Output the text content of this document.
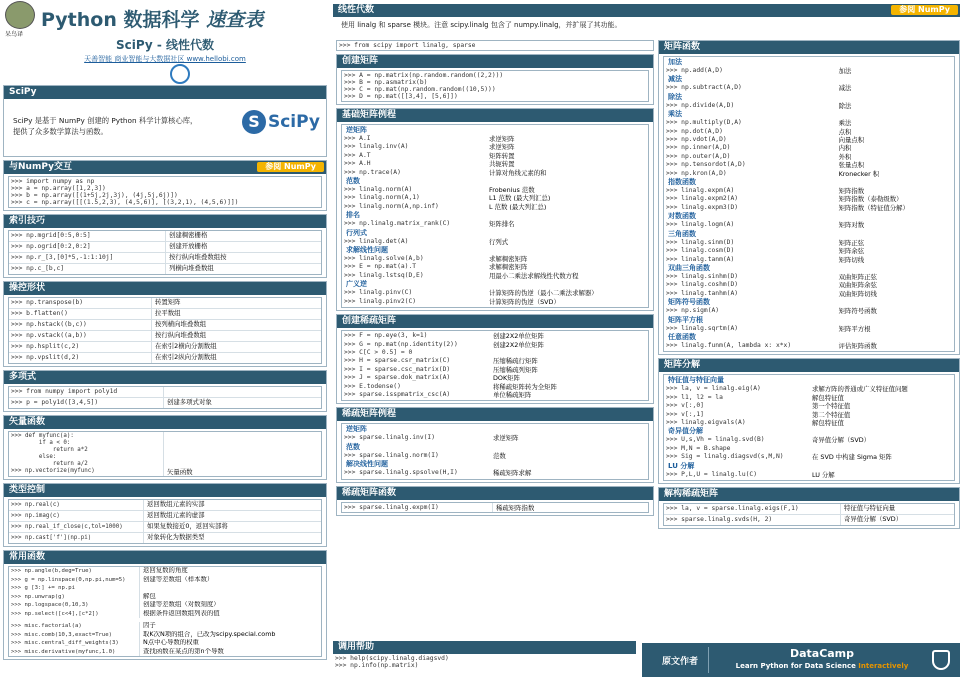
呆鸟译
Python 数据科学 速查表
SciPy - 线性代数
天善智能 商业智能与大数据社区 www.hellobi.com
SciPy
SciPy 是基于 NumPy 创建的 Python 科学计算核心库，
提供了众多数学算法与函数。
S SciPy
与NumPy交互	参阅 NumPy
>>> import numpy as np
>>> a = np.array([1,2,3])
>>> b = np.array([(1+5j,2j,3j), (4j,5j,6j)])
>>> c = np.array([[(1.5,2,3), (4,5,6)], [(3,2,1), (4,5,6)]])
索引技巧
>>> np.mgrid[0:5,0:5]	创建稠密栅格
>>> np.ogrid[0:2,0:2]	创建开放栅格
>>> np.r_[3,[0]*5,-1:1:10j]	按行纵向堆叠数组按
>>> np.c_[b,c]	列横向堆叠数组
操控形状
>>> np.transpose(b)	转置矩阵
>>> b.flatten()	拉平数组
>>> np.hstack((b,c))	按列横向堆叠数组
>>> np.vstack((a,b))	按行纵向堆叠数组
>>> np.hsplit(c,2)	在索引2横向分割数组
>>> np.vpslit(d,2)	在索引2纵向分割数组
多项式
>>> from numpy import poly1d
>>> p = poly1d([3,4,5])	创建多项式对象
矢量函数
>>> def myfunc(a):
if a < 0:
return a*2
else:
return a/2
>>> np.vectorize(myfunc)	矢量函数
类型控制
>>> np.real(c)	返回数组元素的实部
>>> np.imag(c)	返回数组元素的虚部
>>> np.real_if_close(c,tol=1000)	如果复数接近0，返回实部将
>>> np.cast['f'](np.pi)	对象转化为数据类型
常用函数
>>> np.angle(b,deg=True)	返回复数的角度
>>> g = np.linspace(0,np.pi,num=5)	创建等差数组（样本数）
>>> g [3:] += np.pi
>>> np.unwrap(g)	解包
>>> np.logspace(0,10,3)	创建等差数组（对数刻度）
>>> np.select([c<4],[c*2])	根据条件返回数组列表的值
>>> misc.factorial(a)	因子
>>> misc.comb(10,3,exact=True)	取K次N项的组合，已改为scipy.special.comb
>>> misc.central_diff_weights(3)	N点中心导数的权重
>>> misc.derivative(myfunc,1.0)	查找函数在某点的第n个导数
线性代数	参阅 NumPy
使用 linalg 和 sparse 模块。注意 scipy.linalg 包含了 numpy.linalg，并扩展了其功能。
>>> from scipy import linalg, sparse
创建矩阵
>>> A = np.matrix(np.random.random((2,2)))
>>> B = np.asmatrix(b)
>>> C = np.mat(np.random.random((10,5)))
>>> D = np.mat([[3,4], [5,6]])
基础矩阵例程
逆矩阵
>>> A.I	求逆矩阵
>>> linalg.inv(A)	求逆矩阵
>>> A.T	矩阵转置
>>> A.H	共轭转置
>>> np.trace(A)	计算对角线元素的和
范数
>>> linalg.norm(A)	Frobenius 范数
>>> linalg.norm(A,1)	L1 范数 (最大列汇总)
>>> linalg.norm(A,np.inf)	L 范数 (最大列汇总)
排名
>>> np.linalg.matrix_rank(C)	矩阵排名
行列式
>>> linalg.det(A)	行列式
求解线性问题
>>> linalg.solve(A,b)	求解稠密矩阵
>>> E = np.mat(a).T	求解稠密矩阵
>>> linalg.lstsq(D,E)	用最小二乘法求解线性代数方程
广义逆
>>> linalg.pinv(C)	计算矩阵的伪逆（最小二乘法求解器）
>>> linalg.pinv2(C)	计算矩阵的伪逆（SVD）
创建稀疏矩阵
>>> F = np.eye(3, k=1)	创建2X2单位矩阵
>>> G = np.mat(np.identity(2))	创建2X2单位矩阵
>>> C[C > 0.5] = 0
>>> H = sparse.csr_matrix(C)	压缩稀疏行矩阵
>>> I = sparse.csc_matrix(D)	压缩稀疏列矩阵
>>> J = sparse.dok_matrix(A)	DOK矩阵
>>> E.todense()	将稀疏矩阵转为全矩阵
>>> sparse.isspmatrix_csc(A)	单位稀疏矩阵
稀疏矩阵例程
逆矩阵
>>> sparse.linalg.inv(I)	求逆矩阵
范数
>>> sparse.linalg.norm(I)	范数
解决线性问题
>>> sparse.linalg.spsolve(H,I)	稀疏矩阵求解
稀疏矩阵函数
>>> sparse.linalg.expm(I)	稀疏矩阵指数
调用帮助
>>> help(scipy.linalg.diagsvd)
>>> np.info(np.matrix)
矩阵函数
加法
>>> np.add(A,D)	加法
减法
>>> np.subtract(A,D)	减法
除法
>>> np.divide(A,D)	除法
乘法
>>> np.multiply(D,A)	乘法
>>> np.dot(A,D)	点积
>>> np.vdot(A,D)	向量点积
>>> np.inner(A,D)	内积
>>> np.outer(A,D)	外积
>>> np.tensordot(A,D)	张量点积
>>> np.kron(A,D)	Kronecker 积
指数函数
>>> linalg.expm(A)	矩阵指数
>>> linalg.expm2(A)	矩阵指数（泰勒级数）
>>> linalg.expm3(D)	矩阵指数（特征值分解）
对数函数
>>> linalg.logm(A)	矩阵对数
三角函数
>>> linalg.sinm(D)	矩阵正弦
>>> linalg.cosm(D)	矩阵余弦
>>> linalg.tanm(A)	矩阵切线
双曲三角函数
>>> linalg.sinhm(D)	双曲矩阵正弦
>>> linalg.coshm(D)	双曲矩阵余弦
>>> linalg.tanhm(A)	双曲矩阵切线
矩阵符号函数
>>> np.sigm(A)	矩阵符号函数
矩阵平方根
>>> linalg.sqrtm(A)	矩阵平方根
任意函数
>>> linalg.funm(A, lambda x: x*x)	评估矩阵函数
矩阵分解
特征值与特征向量
>>> la, v = linalg.eig(A)	求解方阵的普通或广义特征值问题
>>> l1, l2 = la	解包特征值
>>> v[:,0]	第一个特征值
>>> v[:,1]	第二个特征值
>>> linalg.eigvals(A)	解包特征值
奇异值分解
>>> U,s,Vh = linalg.svd(B)	奇异值分解（SVD）
>>> M,N = B.shape
>>> Sig = linalg.diagsvd(s,M,N)	在 SVD 中构建 Sigma 矩阵
LU 分解
>>> P,L,U = linalg.lu(C)	LU 分解
解构稀疏矩阵
>>> la, v = sparse.linalg.eigs(F,1)	特征值与特征向量
>>> sparse.linalg.svds(H, 2)	奇异值分解（SVD）
原文作者
DataCamp
Learn Python for Data Science Interactively
